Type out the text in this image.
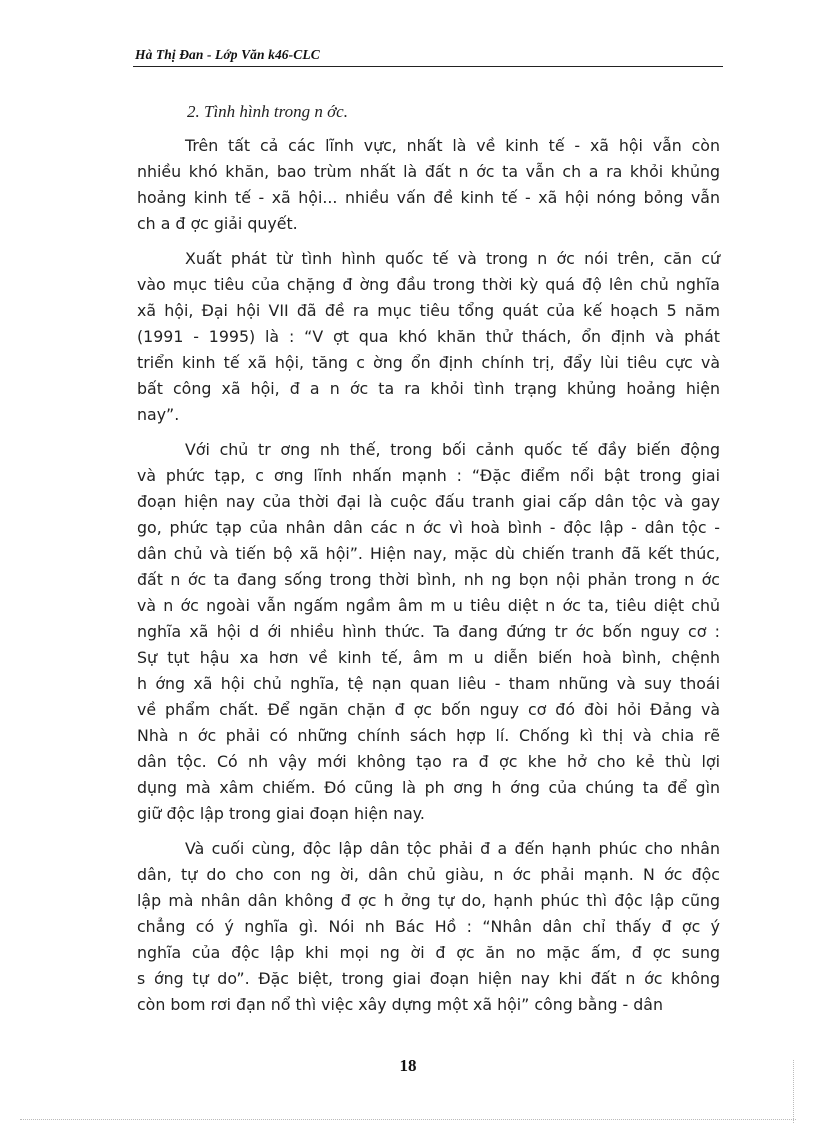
Hà Thị Đan - Lớp Văn k46-CLC
2. Tình hình trong n ớc.
Trên tất cả các lĩnh vực, nhất là về kinh tế - xã hội vẫn còn
nhiều khó khăn, bao trùm nhất là đất n ớc ta vẫn ch a ra khỏi khủng
hoảng kinh tế - xã hội... nhiều vấn đề kinh tế - xã hội nóng bỏng vẫn
ch a đ ợc giải quyết.
Xuất phát từ tình hình quốc tế và trong n ớc nói trên, căn cứ
vào mục tiêu của chặng đ ờng đầu trong thời kỳ quá độ lên chủ nghĩa
xã hội, Đại hội VII đã đề ra mục tiêu tổng quát của kế hoạch 5 năm
(1991 - 1995) là : “V ợt qua khó khăn thử thách, ổn định và phát
triển kinh tế xã hội, tăng c ờng ổn định chính trị, đẩy lùi tiêu cực và
bất công xã hội, đ a n ớc ta ra khỏi tình trạng khủng hoảng hiện
nay”.
Với chủ tr ơng nh thế, trong bối cảnh quốc tế đầy biến động
và phức tạp, c ơng lĩnh nhấn mạnh : “Đặc điểm nổi bật trong giai
đoạn hiện nay của thời đại là cuộc đấu tranh giai cấp dân tộc và gay
go, phức tạp của nhân dân các n ớc vì hoà bình - độc lập - dân tộc -
dân chủ và tiến bộ xã hội”. Hiện nay, mặc dù chiến tranh đã kết thúc,
đất n ớc ta đang sống trong thời bình, nh ng bọn nội phản trong n ớc
và n ớc ngoài vẫn ngấm ngầm âm m u tiêu diệt n ớc ta, tiêu diệt chủ
nghĩa xã hội d ới nhiều hình thức. Ta đang đứng tr ớc bốn nguy cơ :
Sự tụt hậu xa hơn về kinh tế, âm m u diễn biến hoà bình, chệnh
h ớng xã hội chủ nghĩa, tệ nạn quan liêu - tham nhũng và suy thoái
về phẩm chất. Để ngăn chặn đ ợc bốn nguy cơ đó đòi hỏi Đảng và
Nhà n ớc phải có những chính sách hợp lí. Chống kì thị và chia rẽ
dân tộc. Có nh vậy mới không tạo ra đ ợc khe hở cho kẻ thù lợi
dụng mà xâm chiếm. Đó cũng là ph ơng h ớng của chúng ta để gìn
giữ độc lập trong giai đoạn hiện nay.
Và cuối cùng, độc lập dân tộc phải đ a đến hạnh phúc cho nhân
dân, tự do cho con ng ời, dân chủ giàu, n ớc phải mạnh. N ớc độc
lập mà nhân dân không đ ợc h ởng tự do, hạnh phúc thì độc lập cũng
chẳng có ý nghĩa gì. Nói nh Bác Hồ : “Nhân dân chỉ thấy đ ợc ý
nghĩa của độc lập khi mọi ng ời đ ợc ăn no mặc ấm, đ ợc sung
s ớng tự do”. Đặc biệt, trong giai đoạn hiện nay khi đất n ớc không
còn bom rơi đạn nổ thì việc xây dựng một xã hội” công bằng - dân
18
